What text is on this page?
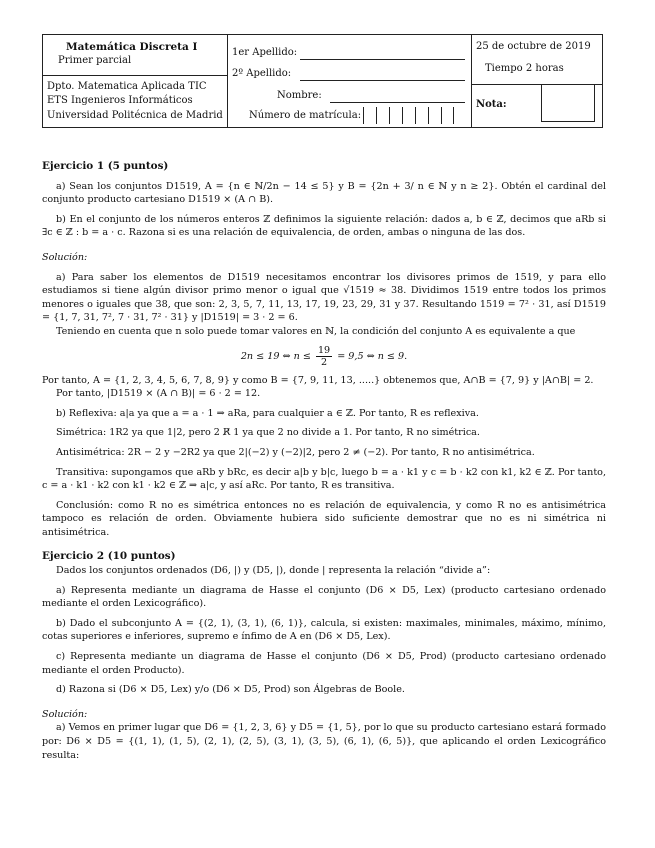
Matemática Discreta I
Primer parcial
Dpto. Matematica Aplicada TIC
ETS Ingenieros Informáticos
Universidad Politécnica de Madrid
1er Apellido:
2º Apellido:
Nombre:
Número de matrícula:
25 de octubre de 2019
Tiempo 2 horas
Nota:

Ejercicio 1 (5 puntos)

a) Sean los conjuntos D1519, A = {n ∈ ℕ/2n − 14 ≤ 5} y B = {2n + 3/ n ∈ ℕ y n ≥ 2}. Obtén el cardinal del conjunto producto cartesiano D1519 × (A ∩ B).

b) En el conjunto de los números enteros ℤ definimos la siguiente relación: dados a, b ∈ ℤ, decimos que aRb si ∃c ∈ ℤ : b = a · c. Razona si es una relación de equivalencia, de orden, ambas o ninguna de las dos.

Solución:

a) Para saber los elementos de D1519 necesitamos encontrar los divisores primos de 1519, y para ello estudiamos si tiene algún divisor primo menor o igual que √1519 ≈ 38. Dividimos 1519 entre todos los primos menores o iguales que 38, que son: 2, 3, 5, 7, 11, 13, 17, 19, 23, 29, 31 y 37. Resultando 1519 = 7² · 31, así D1519 = {1, 7, 31, 7², 7 · 31, 7² · 31} y |D1519| = 3 · 2 = 6.

Teniendo en cuenta que n solo puede tomar valores en ℕ, la condición del conjunto A es equivalente a que

2n ≤ 19 ⇔ $n \le \frac{19}{2} = 9,5$ ⇔ n ≤ 9.

Por tanto, A = {1, 2, 3, 4, 5, 6, 7, 8, 9} y como B = {7, 9, 11, 13, .....} obtenemos que, A∩B = {7, 9} y |A∩B| = 2.

Por tanto, |D1519 × (A ∩ B)| = 6 · 2 = 12.

b) Reflexiva: a|a ya que a = a · 1 ⇒ aRa, para cualquier a ∈ ℤ. Por tanto, R es reflexiva.

Simétrica: 1R2 ya que 1|2, pero 2 R̸ 1 ya que 2 no divide a 1. Por tanto, R no simétrica.

Antisimétrica: 2R − 2 y −2R2 ya que 2|(−2) y (−2)|2, pero 2 ≠ (−2). Por tanto, R no antisimétrica.

Transitiva: supongamos que aRb y bRc, es decir a|b y b|c, luego b = a · k1 y c = b · k2 con k1, k2 ∈ ℤ. Por tanto, c = a · k1 · k2 con k1 · k2 ∈ ℤ ⇒ a|c, y así aRc. Por tanto, R es transitiva.

Conclusión: como R no es simétrica entonces no es relación de equivalencia, y como R no es antisimétrica tampoco es relación de orden. Obviamente hubiera sido suficiente demostrar que no es ni simétrica ni antisimétrica.

Ejercicio 2 (10 puntos)

Dados los conjuntos ordenados (D6, |) y (D5, |), donde | representa la relación “divide a”:

a) Representa mediante un diagrama de Hasse el conjunto (D6 × D5, Lex) (producto cartesiano ordenado mediante el orden Lexicográfico).

b) Dado el subconjunto A = {(2, 1), (3, 1), (6, 1)}, calcula, si existen: maximales, minimales, máximo, mínimo, cotas superiores e inferiores, supremo e ínfimo de A en (D6 × D5, Lex).

c) Representa mediante un diagrama de Hasse el conjunto (D6 × D5, Prod) (producto cartesiano ordenado mediante el orden Producto).

d) Razona si (D6 × D5, Lex) y/o (D6 × D5, Prod) son Álgebras de Boole.

Solución:

a) Vemos en primer lugar que D6 = {1, 2, 3, 6} y D5 = {1, 5}, por lo que su producto cartesiano estará formado por: D6 × D5 = {(1, 1), (1, 5), (2, 1), (2, 5), (3, 1), (3, 5), (6, 1), (6, 5)}, que aplicando el orden Lexicográfico resulta:
